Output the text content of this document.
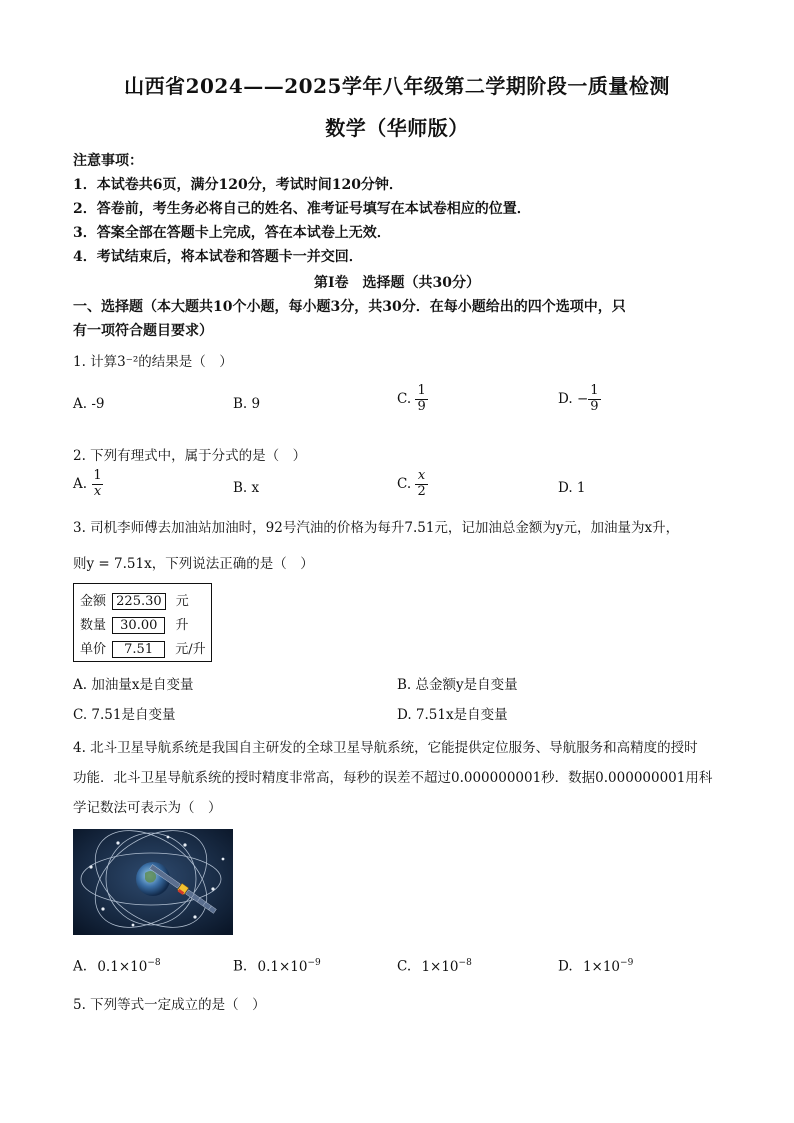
山西省2024——2025学年八年级第二学期阶段一质量检测
数学（华师版）
注意事项：
1．本试卷共6页，满分120分，考试时间120分钟．
2．答卷前，考生务必将自己的姓名、准考证号填写在本试卷相应的位置．
3．答案全部在答题卡上完成，答在本试卷上无效．
4．考试结束后，将本试卷和答题卡一并交回．
第Ⅰ卷　选择题（共30分）
一、选择题（本大题共10个小题，每小题3分，共30分．在每小题给出的四个选项中，只
有一项符合题目要求）
1. 计算3⁻²的结果是（　）
A. -9	B. 9	C. $\frac{1}{9}$	D. − $\frac{1}{9}$
2. 下列有理式中，属于分式的是（　）
A. $\frac{1}{x}$	B. x	C. $\frac{x}{2}$	D. 1
3. 司机李师傅去加油站加油时，92号汽油的价格为每升7.51元，记加油总金额为y元，加油量为x升，
则y = 7.51x，下列说法正确的是（　）
金额 225.30 元
数量 30.00 升
单价 7.51 元/升
A. 加油量x是自变量	B. 总金额y是自变量
C. 7.51是自变量	D. 7.51x是自变量
4. 北斗卫星导航系统是我国自主研发的全球卫星导航系统，它能提供定位服务、导航服务和高精度的授时
功能．北斗卫星导航系统的授时精度非常高，每秒的误差不超过0.000000001秒．数据0.000000001用科
学记数法可表示为（　）
A. $0.1\times 10^{-8}$	B. $0.1\times 10^{-9}$	C. $1\times 10^{-8}$	D. $1\times 10^{-9}$
5. 下列等式一定成立的是（　）
